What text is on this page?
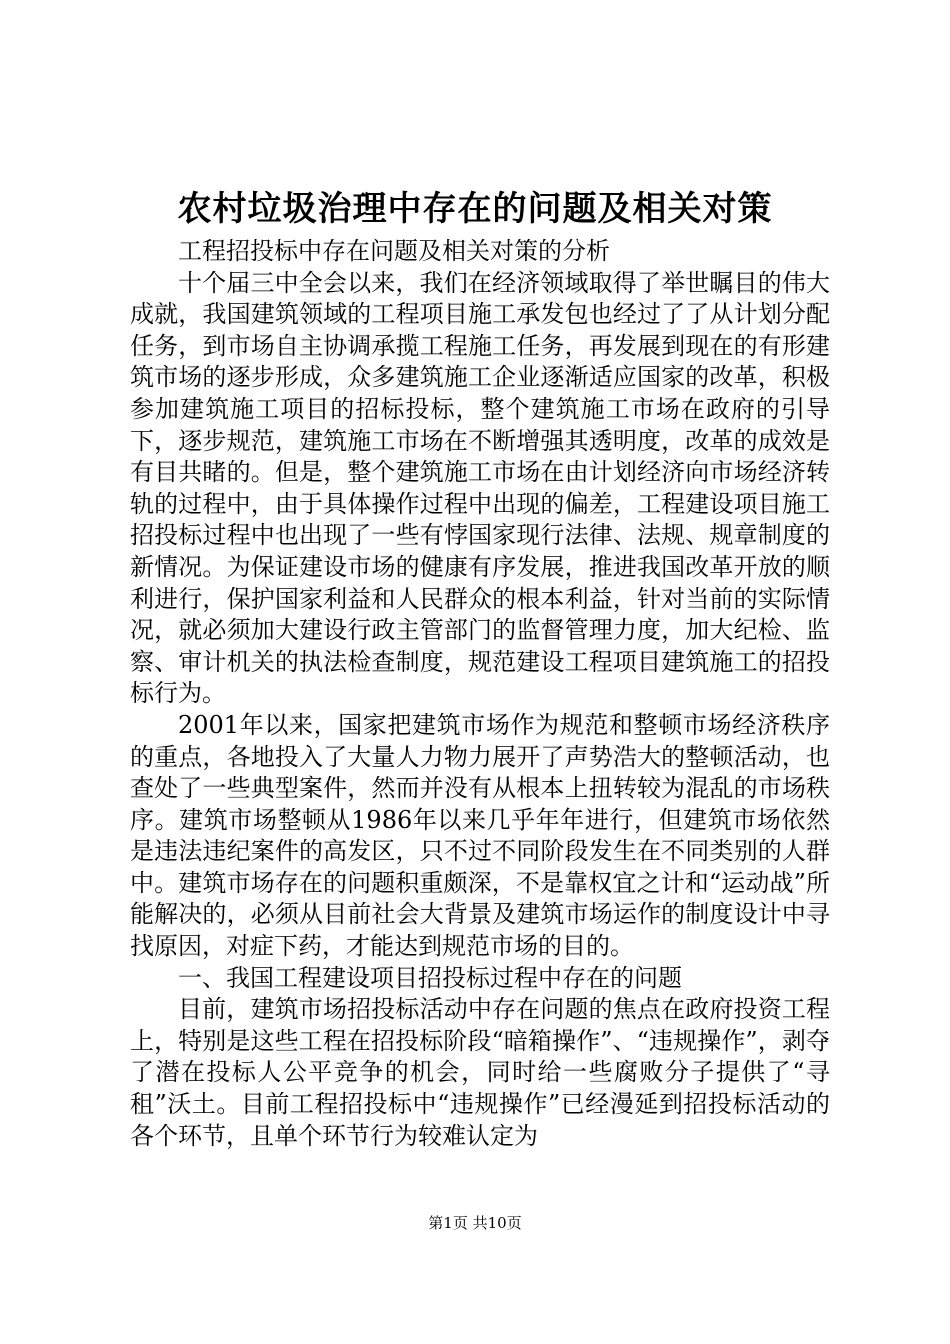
农村垃圾治理中存在的问题及相关对策

工程招投标中存在问题及相关对策的分析

十个届三中全会以来，我们在经济领域取得了举世瞩目的伟大成就，我国建筑领域的工程项目施工承发包也经过了了从计划分配任务，到市场自主协调承揽工程施工任务，再发展到现在的有形建筑市场的逐步形成，众多建筑施工企业逐渐适应国家的改革，积极参加建筑施工项目的招标投标，整个建筑施工市场在政府的引导下，逐步规范，建筑施工市场在不断增强其透明度，改革的成效是有目共睹的。但是，整个建筑施工市场在由计划经济向市场经济转轨的过程中，由于具体操作过程中出现的偏差，工程建设项目施工招投标过程中也出现了一些有悖国家现行法律、法规、规章制度的新情况。为保证建设市场的健康有序发展，推进我国改革开放的顺利进行，保护国家利益和人民群众的根本利益，针对当前的实际情况，就必须加大建设行政主管部门的监督管理力度，加大纪检、监察、审计机关的执法检查制度，规范建设工程项目建筑施工的招投标行为。

2001年以来，国家把建筑市场作为规范和整顿市场经济秩序的重点，各地投入了大量人力物力展开了声势浩大的整顿活动，也查处了一些典型案件，然而并没有从根本上扭转较为混乱的市场秩序。建筑市场整顿从1986年以来几乎年年进行，但建筑市场依然是违法违纪案件的高发区，只不过不同阶段发生在不同类别的人群中。建筑市场存在的问题积重颇深，不是靠权宜之计和“运动战”所能解决的，必须从目前社会大背景及建筑市场运作的制度设计中寻找原因，对症下药，才能达到规范市场的目的。

一、我国工程建设项目招投标过程中存在的问题

目前，建筑市场招投标活动中存在问题的焦点在政府投资工程上，特别是这些工程在招投标阶段“暗箱操作”、“违规操作”，剥夺了潜在投标人公平竞争的机会，同时给一些腐败分子提供了“寻租”沃土。目前工程招投标中“违规操作”已经漫延到招投标活动的各个环节，且单个环节行为较难认定为

第1页 共10页
